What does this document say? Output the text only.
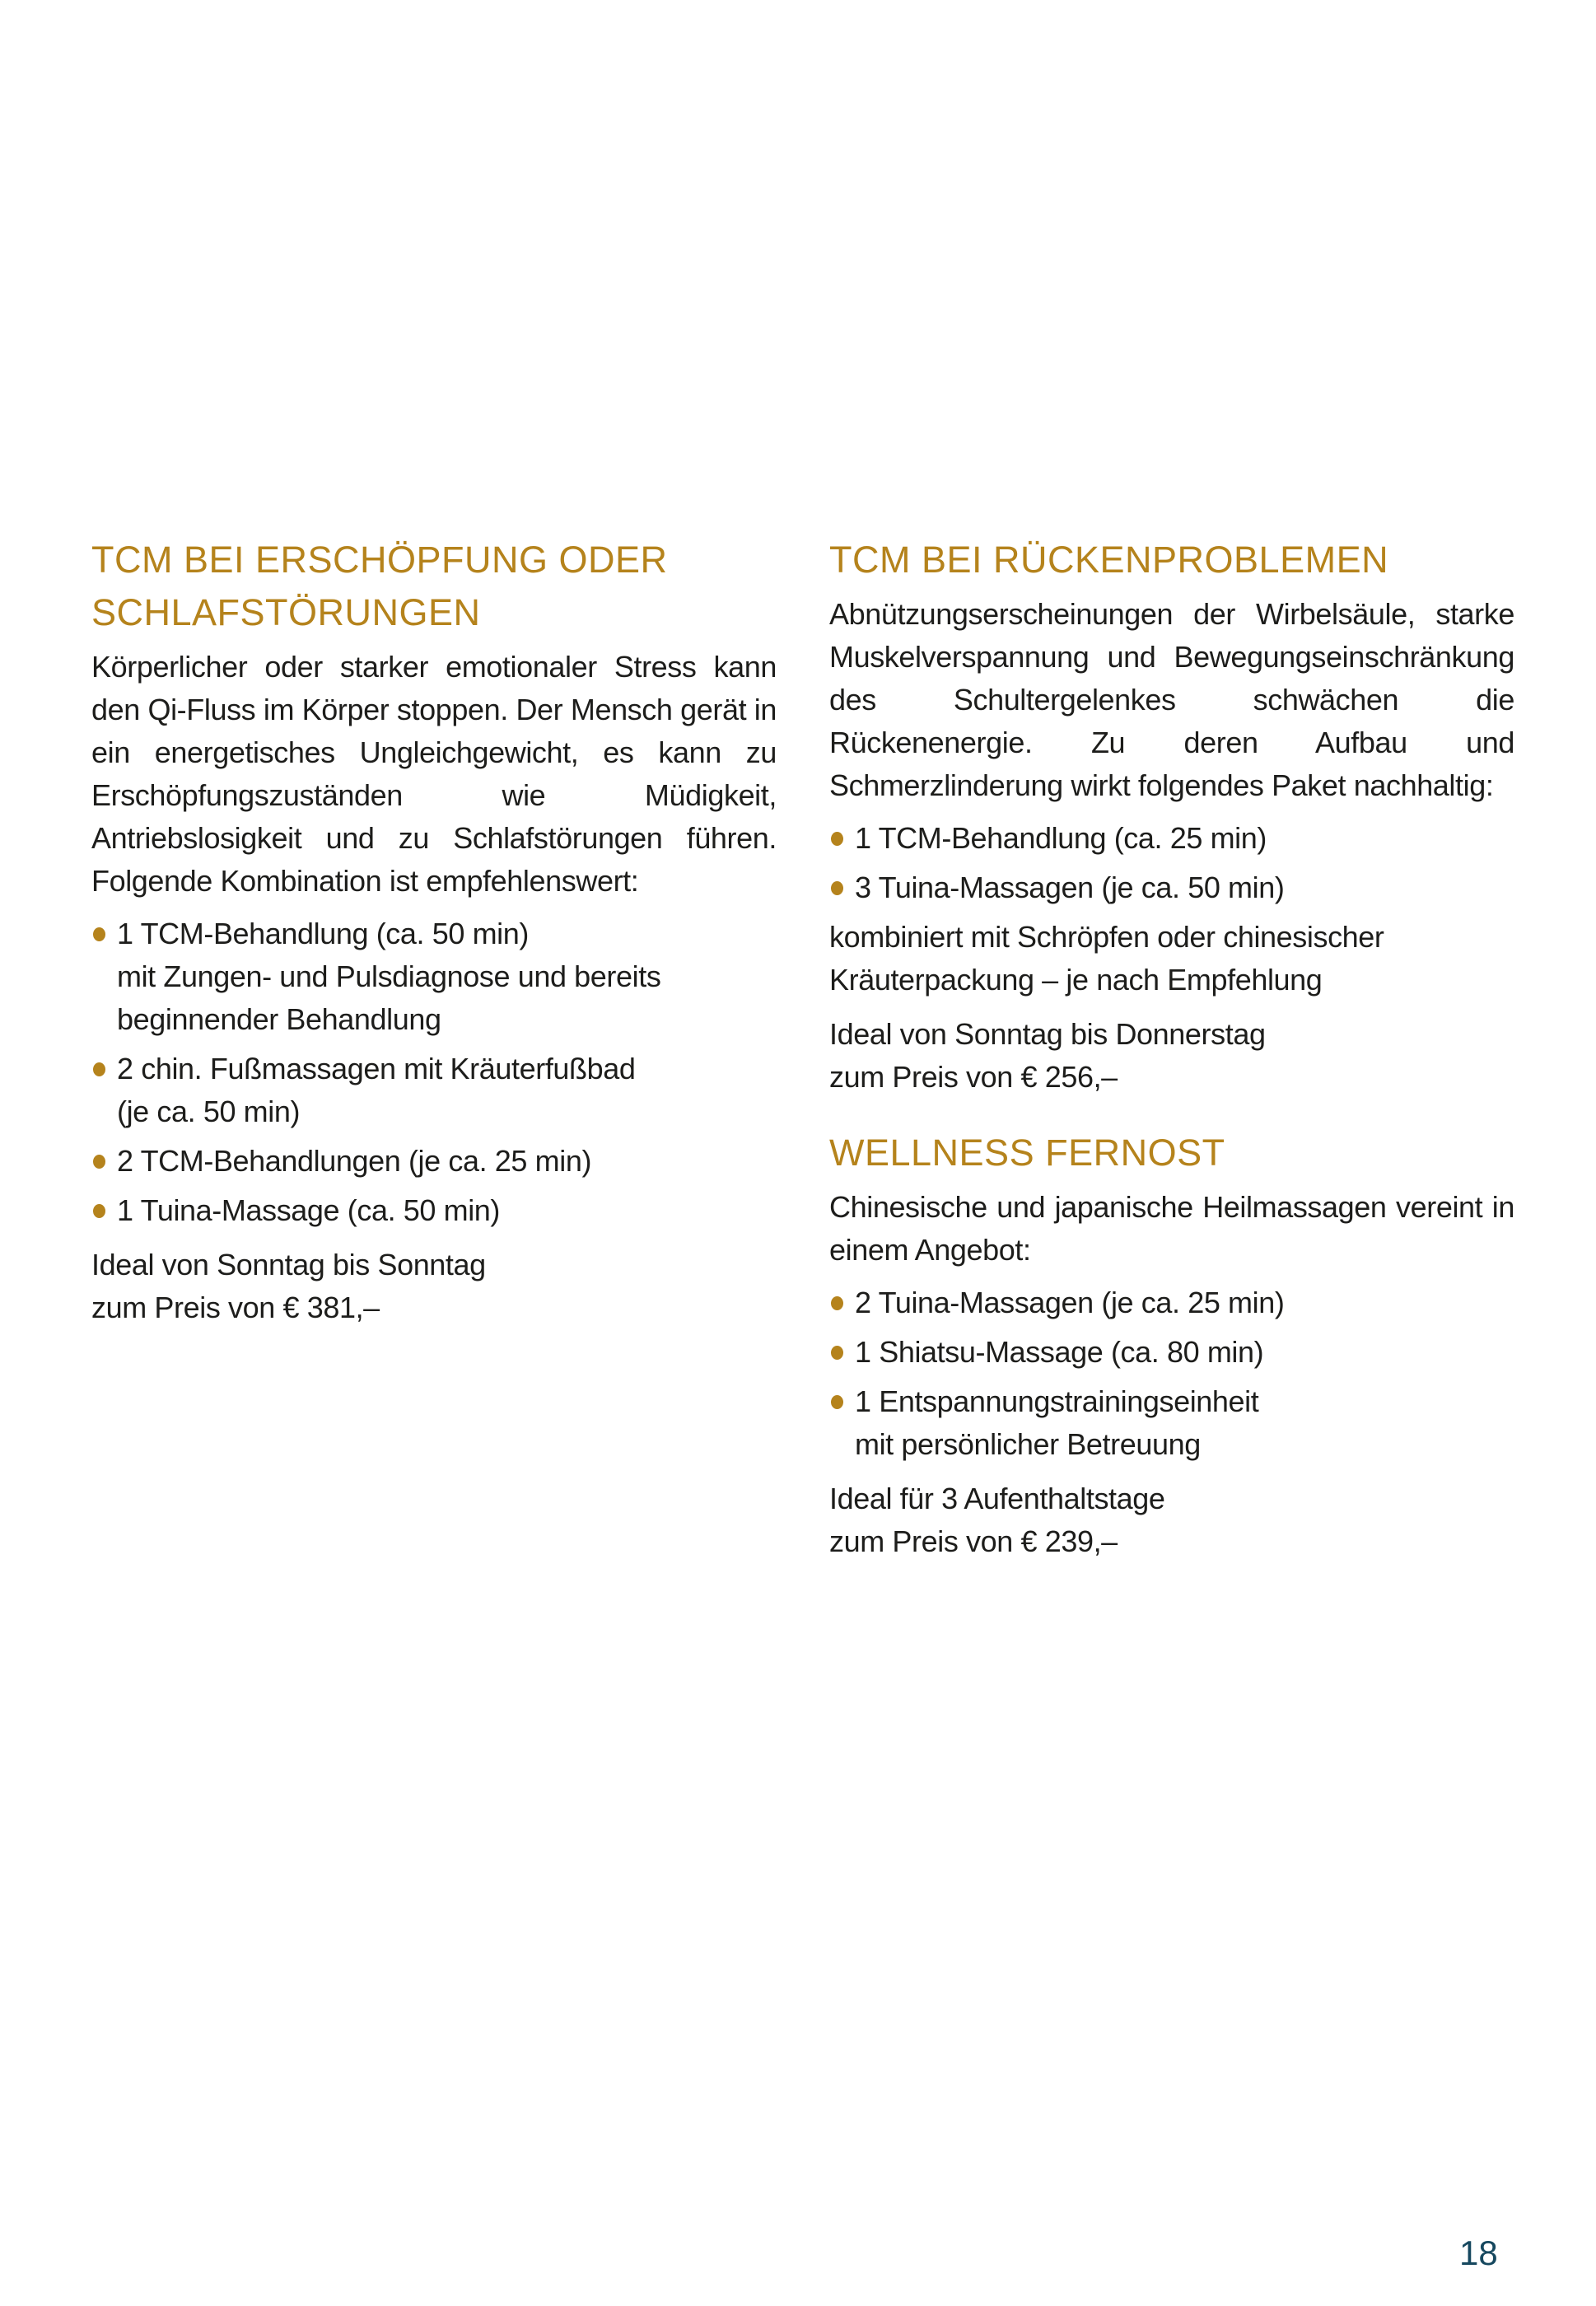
TCM BEI ERSCHÖPFUNG ODER SCHLAFSTÖRUNGEN

Körperlicher oder starker emotionaler Stress kann den Qi-Fluss im Körper stoppen. Der Mensch gerät in ein energetisches Ungleichgewicht, es kann zu Erschöpfungszuständen wie Müdigkeit, Antriebslosigkeit und zu Schlafstörungen führen. Folgende Kombination ist empfehlenswert:

1 TCM-Behandlung (ca. 50 min)
mit Zungen- und Pulsdiagnose und bereits beginnender Behandlung
2 chin. Fußmassagen mit Kräuterfußbad
(je ca. 50 min)
2 TCM-Behandlungen (je ca. 25 min)
1 Tuina-Massage (ca. 50 min)
Ideal von Sonntag bis Sonntag
zum Preis von € 381,–
TCM BEI RÜCKENPROBLEMEN

Abnützungserscheinungen der Wirbelsäule, starke Muskelverspannung und Bewegungseinschränkung des Schultergelenkes schwächen die Rückenenergie. Zu deren Aufbau und Schmerzlinderung wirkt folgendes Paket nachhaltig:

1 TCM-Behandlung (ca. 25 min)
3 Tuina-Massagen (je ca. 50 min)

kombiniert mit Schröpfen oder chinesischer Kräuterpackung – je nach Empfehlung

Ideal von Sonntag bis Donnerstag
zum Preis von € 256,–
WELLNESS FERNOST

Chinesische und japanische Heilmassagen vereint in einem Angebot:

2 Tuina-Massagen (je ca. 25 min)
1 Shiatsu-Massage (ca. 80 min)
1 Entspannungstrainingseinheit
mit persönlicher Betreuung
Ideal für 3 Aufenthaltstage
zum Preis von € 239,–
18
